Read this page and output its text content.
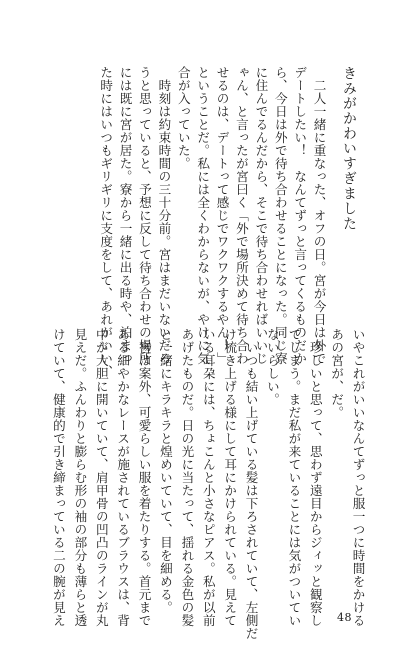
きみがかわいすぎました
　二人一緒に重なった、オフの日。宮が今日は外で
デートしたい！　なんてずっと言ってくるものだか
ら、今日は外で待ち合わせることになった。同じ寮
に住んでるんだから、そこで待ち合わせればいいじ
ゃん、と言ったが宮曰く「外で場所決めて待ち合わ
せるのは、デートって感じでワクワクするやん！」
ということだ。私には全くわからないが、やけに気
合が入っていた。
　時刻は約束時間の三十分前。宮はまだいないだろ
うと思っていると、予想に反して待ち合わせの場所
には既に宮が居た。寮から一緒に出る時や、泊まっ
た時にはいつもギリギリに支度をして、あれがいい、
いやこれがいいなんてずっと服一つに時間をかける
あの宮が、だ。
　珍しいと思って、思わず遠目からジィッと観察し
てしまう。まだ私が来ていることには気がついてい
ないらしい。
　いつも結い上げている髪は下ろされていて、左側だ
け梳き上げる様にして耳にかけられている。見えて
いる耳朶には、ちょこんと小さなピアス。私が以前
あげたものだ。日の光に当たって、揺れる金色の髪
と一緒にキラキラと煌めいていて、目を細める。
　宮は案外、可愛らしい服を着たりする。首元まで
ある細やかなレースが施されているブラウスは、背
中が大胆に開いていて、肩甲骨の凹凸のラインが丸
見えだ。ふんわりと膨らむ形の袖の部分も薄らと透
けていて、健康的で引き締まっている二の腕が見え	48
